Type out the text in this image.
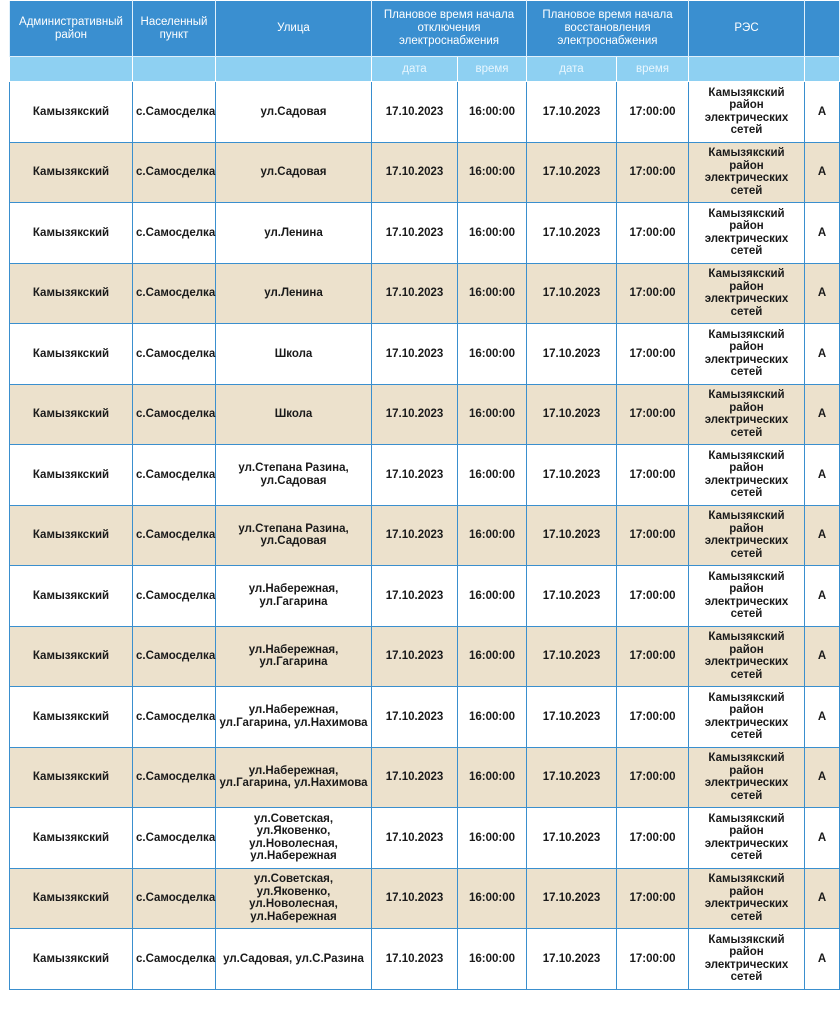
Административный район	Населенный пункт	Улица	Плановое время начала отключения электроснабжения		Плановое время начала восстановления электроснабжения		РЭС	
			дата	время	дата	время		
Камызякский	с.Самосделка	ул.Садовая	17.10.2023	16:00:00	17.10.2023	17:00:00	Камызякский район электрических сетей	А
Камызякский	с.Самосделка	ул.Садовая	17.10.2023	16:00:00	17.10.2023	17:00:00	Камызякский район электрических сетей	А
Камызякский	с.Самосделка	ул.Ленина	17.10.2023	16:00:00	17.10.2023	17:00:00	Камызякский район электрических сетей	А
Камызякский	с.Самосделка	ул.Ленина	17.10.2023	16:00:00	17.10.2023	17:00:00	Камызякский район электрических сетей	А
Камызякский	с.Самосделка	Школа	17.10.2023	16:00:00	17.10.2023	17:00:00	Камызякский район электрических сетей	А
Камызякский	с.Самосделка	Школа	17.10.2023	16:00:00	17.10.2023	17:00:00	Камызякский район электрических сетей	А
Камызякский	с.Самосделка	ул.Степана Разина, ул.Садовая	17.10.2023	16:00:00	17.10.2023	17:00:00	Камызякский район электрических сетей	А
Камызякский	с.Самосделка	ул.Степана Разина, ул.Садовая	17.10.2023	16:00:00	17.10.2023	17:00:00	Камызякский район электрических сетей	А
Камызякский	с.Самосделка	ул.Набережная, ул.Гагарина	17.10.2023	16:00:00	17.10.2023	17:00:00	Камызякский район электрических сетей	А
Камызякский	с.Самосделка	ул.Набережная, ул.Гагарина	17.10.2023	16:00:00	17.10.2023	17:00:00	Камызякский район электрических сетей	А
Камызякский	с.Самосделка	ул.Набережная, ул.Гагарина, ул.Нахимова	17.10.2023	16:00:00	17.10.2023	17:00:00	Камызякский район электрических сетей	А
Камызякский	с.Самосделка	ул.Набережная, ул.Гагарина, ул.Нахимова	17.10.2023	16:00:00	17.10.2023	17:00:00	Камызякский район электрических сетей	А
Камызякский	с.Самосделка	ул.Советская, ул.Яковенко, ул.Новолесная, ул.Набережная	17.10.2023	16:00:00	17.10.2023	17:00:00	Камызякский район электрических сетей	А
Камызякский	с.Самосделка	ул.Советская, ул.Яковенко, ул.Новолесная, ул.Набережная	17.10.2023	16:00:00	17.10.2023	17:00:00	Камызякский район электрических сетей	А
Камызякский	с.Самосделка	ул.Садовая, ул.С.Разина	17.10.2023	16:00:00	17.10.2023	17:00:00	Камызякский район электрических сетей	А
